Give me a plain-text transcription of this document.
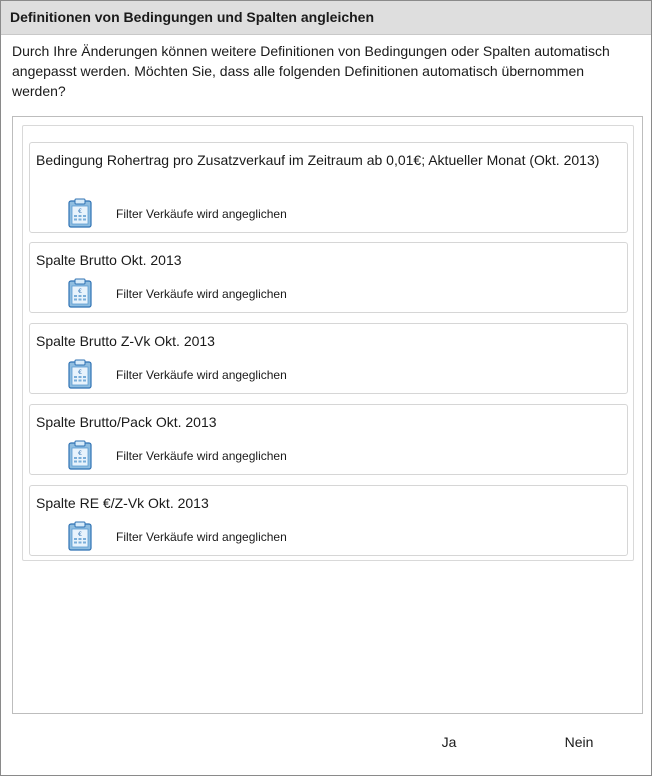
Definitionen von Bedingungen und Spalten angleichen
Durch Ihre Änderungen können weitere Definitionen von Bedingungen oder Spalten automatisch angepasst werden. Möchten Sie, dass alle folgenden Definitionen automatisch übernommen werden?
Bedingung Rohertrag pro Zusatzverkauf im Zeitraum ab 0,01€; Aktueller Monat (Okt. 2013)
€	Filter Verkäufe wird angeglichen
Spalte Brutto Okt. 2013
€	Filter Verkäufe wird angeglichen
Spalte Brutto Z-Vk Okt. 2013
€	Filter Verkäufe wird angeglichen
Spalte Brutto/Pack Okt. 2013
€	Filter Verkäufe wird angeglichen
Spalte RE €/Z-Vk Okt. 2013
€	Filter Verkäufe wird angeglichen
Ja	Nein
